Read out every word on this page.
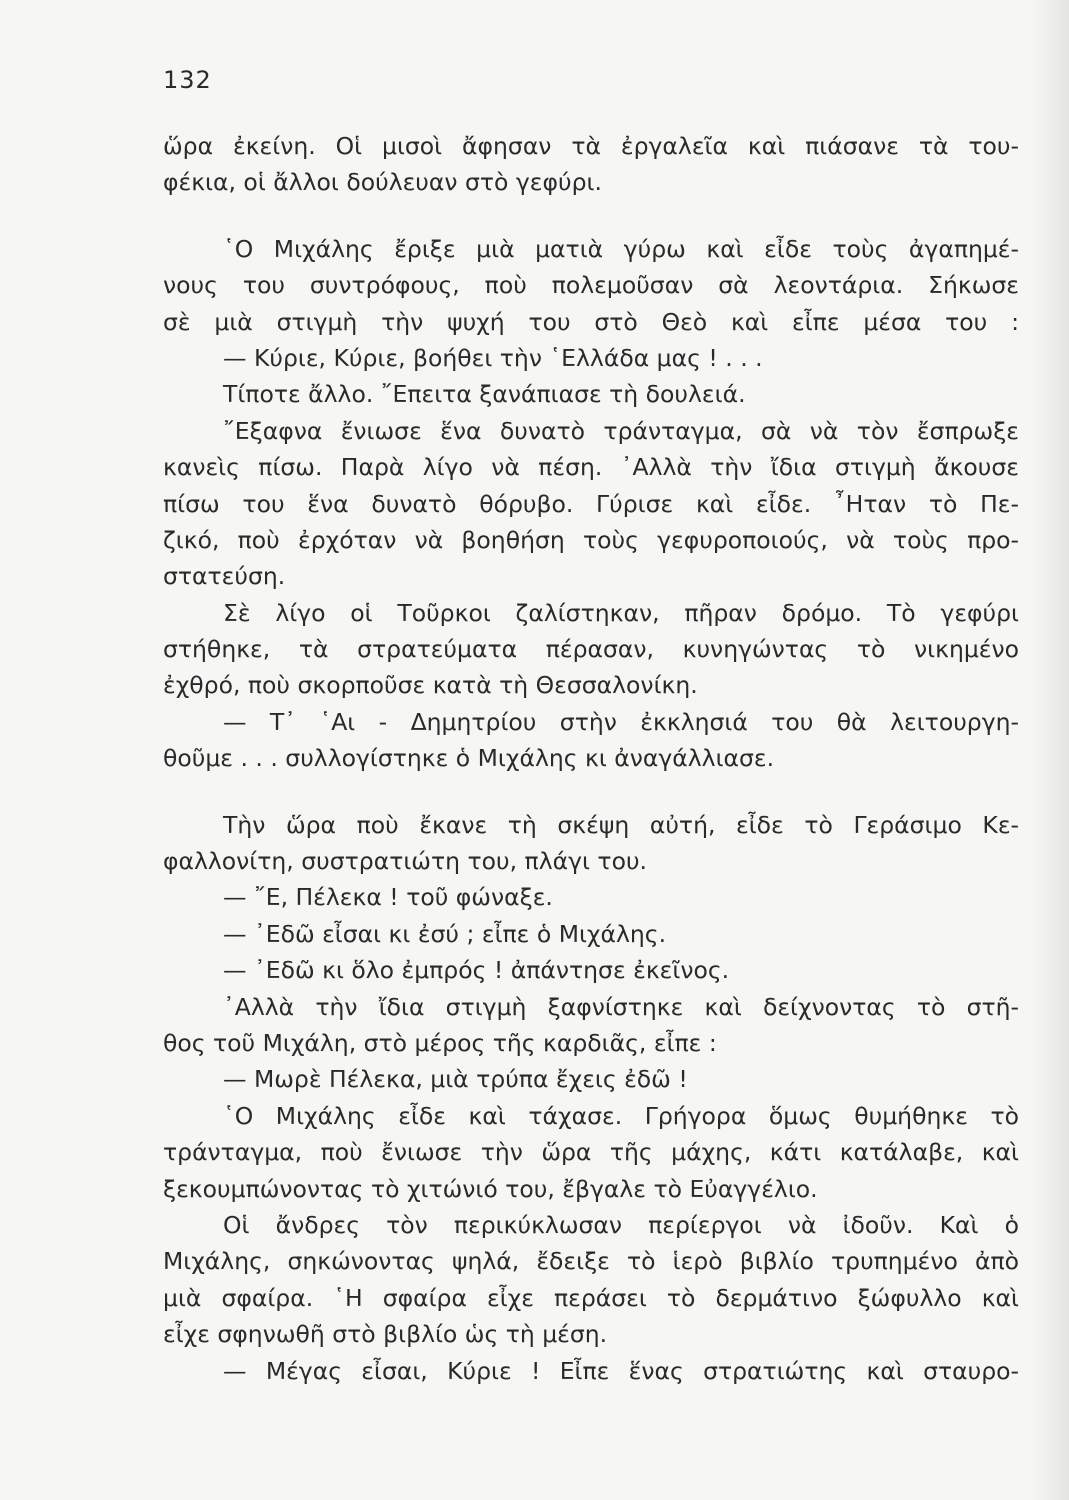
132
ὥρα ἐκείνη. Οἱ μισοὶ ἄφησαν τὰ ἐργαλεῖα καὶ πιάσανε τὰ του-
φέκια, οἱ ἄλλοι δούλευαν στὸ γεφύρι.
῾Ο Μιχάλης ἔριξε μιὰ ματιὰ γύρω καὶ εἶδε τοὺς ἀγαπημέ-
νους του συντρόφους, ποὺ πολεμοῦσαν σὰ λεοντάρια. Σήκωσε
σὲ μιὰ στιγμὴ τὴν ψυχή του στὸ Θεὸ καὶ εἶπε μέσα του :
— Κύριε, Κύριε, βοήθει τὴν ῾Ελλάδα μας ! . . .
Τίποτε ἄλλο. ῎Επειτα ξανάπιασε τὴ δουλειά.
῎Εξαφνα ἔνιωσε ἕνα δυνατὸ τράνταγμα, σὰ νὰ τὸν ἔσπρωξε
κανεὶς πίσω. Παρὰ λίγο νὰ πέση. ᾿Αλλὰ τὴν ἴδια στιγμὴ ἄκουσε
πίσω του ἕνα δυνατὸ θόρυβο. Γύρισε καὶ εἶδε. ῏Ηταν τὸ Πε-
ζικό, ποὺ ἐρχόταν νὰ βοηθήση τοὺς γεφυροποιούς, νὰ τοὺς προ-
στατεύση.
Σὲ λίγο οἱ Τοῦρκοι ζαλίστηκαν, πῆραν δρόμο. Τὸ γεφύρι
στήθηκε, τὰ στρατεύματα πέρασαν, κυνηγώντας τὸ νικημένο
ἐχθρό, ποὺ σκορποῦσε κατὰ τὴ Θεσσαλονίκη.
— Τ᾿ ῾Αι - Δημητρίου στὴν ἐκκλησιά του θὰ λειτουργη-
θοῦμε . . . συλλογίστηκε ὁ Μιχάλης κι ἀναγάλλιασε.
Τὴν ὥρα ποὺ ἔκανε τὴ σκέψη αὐτή, εἶδε τὸ Γεράσιμο Κε-
φαλλονίτη, συστρατιώτη του, πλάγι του.
— ῎Ε, Πέλεκα ! τοῦ φώναξε.
— ᾿Εδῶ εἶσαι κι ἐσύ ; εἶπε ὁ Μιχάλης.
— ᾿Εδῶ κι ὅλο ἐμπρός ! ἀπάντησε ἐκεῖνος.
᾿Αλλὰ τὴν ἴδια στιγμὴ ξαφνίστηκε καὶ δείχνοντας τὸ στῆ-
θος τοῦ Μιχάλη, στὸ μέρος τῆς καρδιᾶς, εἶπε :
— Μωρὲ Πέλεκα, μιὰ τρύπα ἔχεις ἐδῶ !
῾Ο Μιχάλης εἶδε καὶ τάχασε. Γρήγορα ὅμως θυμήθηκε τὸ
τράνταγμα, ποὺ ἔνιωσε τὴν ὥρα τῆς μάχης, κάτι κατάλαβε, καὶ
ξεκουμπώνοντας τὸ χιτώνιό του, ἔβγαλε τὸ Εὐαγγέλιο.
Οἱ ἄνδρες τὸν περικύκλωσαν περίεργοι νὰ ἰδοῦν. Καὶ ὁ
Μιχάλης, σηκώνοντας ψηλά, ἔδειξε τὸ ἱερὸ βιβλίο τρυπημένο ἀπὸ
μιὰ σφαίρα. ῾Η σφαίρα εἶχε περάσει τὸ δερμάτινο ξώφυλλο καὶ
εἶχε σφηνωθῆ στὸ βιβλίο ὡς τὴ μέση.
— Μέγας εἶσαι, Κύριε ! Εἶπε ἕνας στρατιώτης καὶ σταυρο-
